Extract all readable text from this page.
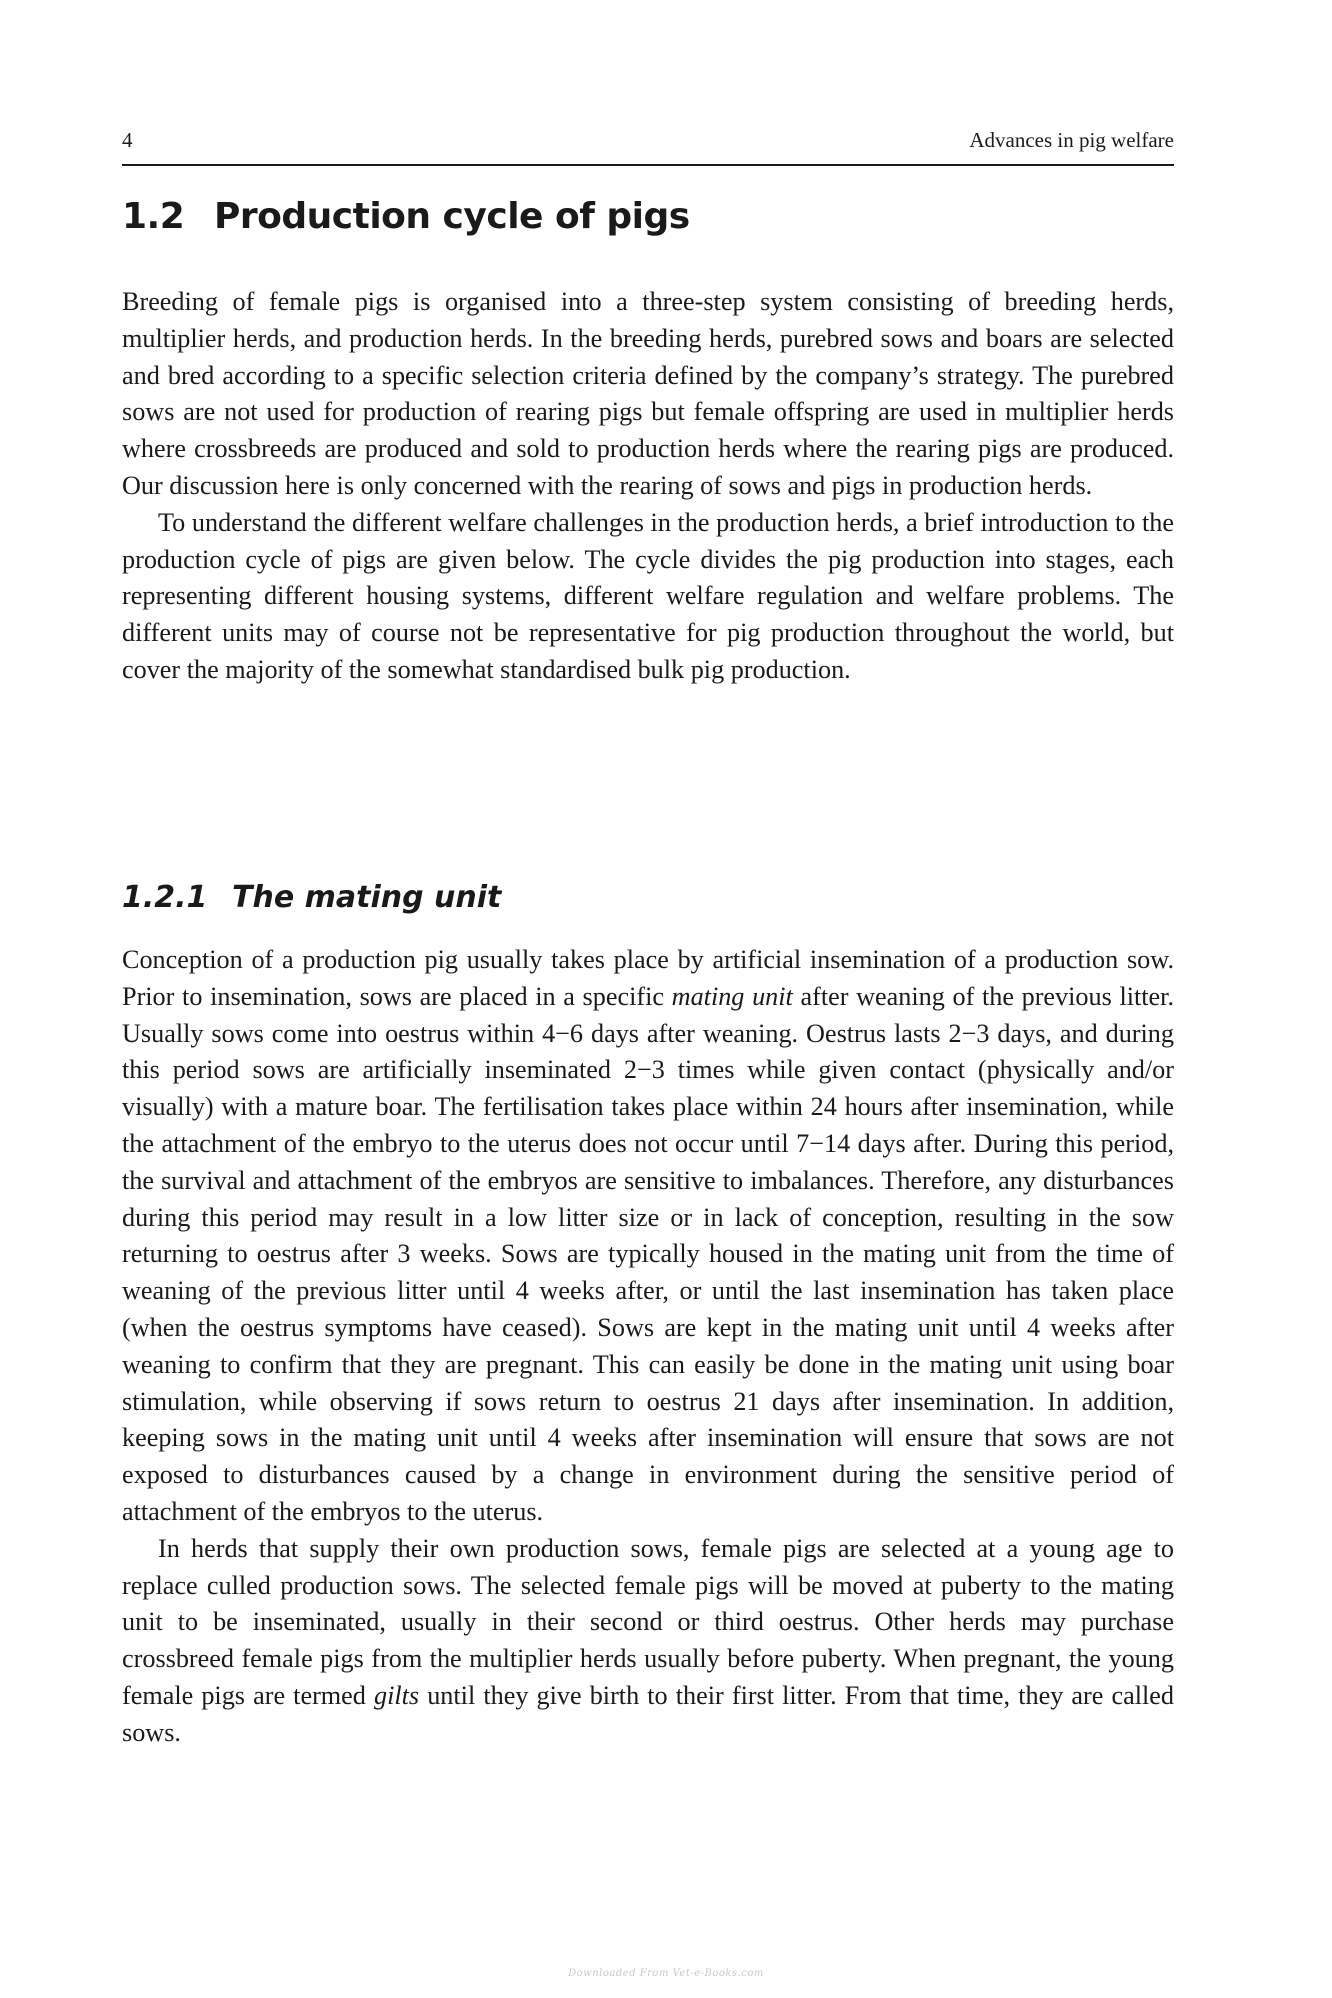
4	Advances in pig welfare
1.2 Production cycle of pigs

Breeding of female pigs is organised into a three-step system consisting of breeding herds, multiplier herds, and production herds. In the breeding herds, purebred sows and boars are selected and bred according to a specific selection criteria defined by the company’s strategy. The purebred sows are not used for production of rearing pigs but female offspring are used in multiplier herds where crossbreeds are produced and sold to production herds where the rearing pigs are produced. Our discussion here is only concerned with the rearing of sows and pigs in production herds.

To understand the different welfare challenges in the production herds, a brief introduction to the production cycle of pigs are given below. The cycle divides the pig production into stages, each representing different housing systems, different welfare regulation and welfare problems. The different units may of course not be representative for pig production throughout the world, but cover the majority of the somewhat standardised bulk pig production.

1.2.1 The mating unit

Conception of a production pig usually takes place by artificial insemination of a production sow. Prior to insemination, sows are placed in a specific mating unit after weaning of the previous litter. Usually sows come into oestrus within 4−6 days after weaning. Oestrus lasts 2−3 days, and during this period sows are artificially inseminated 2−3 times while given contact (physically and/or visually) with a mature boar. The fertilisation takes place within 24 hours after insemination, while the attachment of the embryo to the uterus does not occur until 7−14 days after. During this period, the survival and attachment of the embryos are sensitive to imbalances. Therefore, any disturbances during this period may result in a low litter size or in lack of conception, resulting in the sow returning to oestrus after 3 weeks. Sows are typically housed in the mating unit from the time of weaning of the previous litter until 4 weeks after, or until the last insemination has taken place (when the oestrus symptoms have ceased). Sows are kept in the mating unit until 4 weeks after weaning to confirm that they are pregnant. This can easily be done in the mating unit using boar stimulation, while observing if sows return to oestrus 21 days after insemination. In addition, keeping sows in the mating unit until 4 weeks after insemination will ensure that sows are not exposed to disturbances caused by a change in environment during the sensitive period of attachment of the embryos to the uterus.

In herds that supply their own production sows, female pigs are selected at a young age to replace culled production sows. The selected female pigs will be moved at puberty to the mating unit to be inseminated, usually in their second or third oestrus. Other herds may purchase crossbreed female pigs from the multiplier herds usually before puberty. When pregnant, the young female pigs are termed gilts until they give birth to their first litter. From that time, they are called sows.

Downloaded From Vet-e-Books.com
